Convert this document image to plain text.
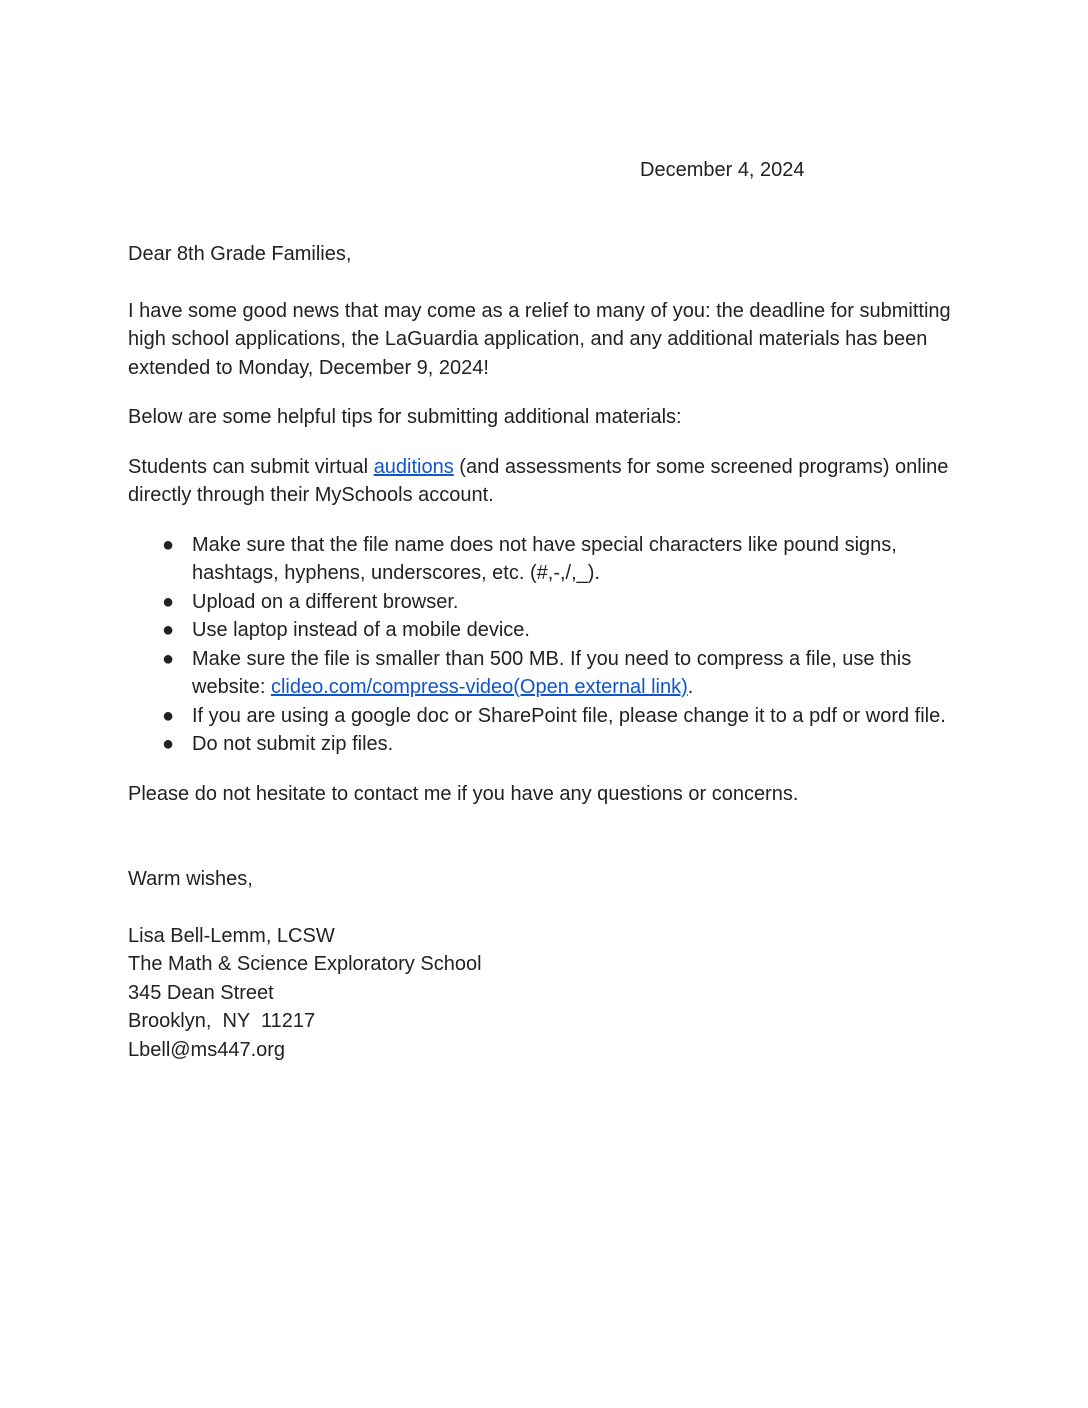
December 4, 2024

Dear 8th Grade Families,

I have some good news that may come as a relief to many of you: the deadline for submitting high school applications, the LaGuardia application, and any additional materials has been extended to Monday, December 9, 2024!

Below are some helpful tips for submitting additional materials:

Students can submit virtual auditions (and assessments for some screened programs) online directly through their MySchools account.

● Make sure that the file name does not have special characters like pound signs, hashtags, hyphens, underscores, etc. (#,-,/,_).
● Upload on a different browser.
● Use laptop instead of a mobile device.
● Make sure the file is smaller than 500 MB. If you need to compress a file, use this website: clideo.com/compress-video(Open external link).
● If you are using a google doc or SharePoint file, please change it to a pdf or word file.
● Do not submit zip files.

Please do not hesitate to contact me if you have any questions or concerns.

Warm wishes,

Lisa Bell-Lemm, LCSW
The Math & Science Exploratory School
345 Dean Street
Brooklyn,  NY  11217
Lbell@ms447.org
